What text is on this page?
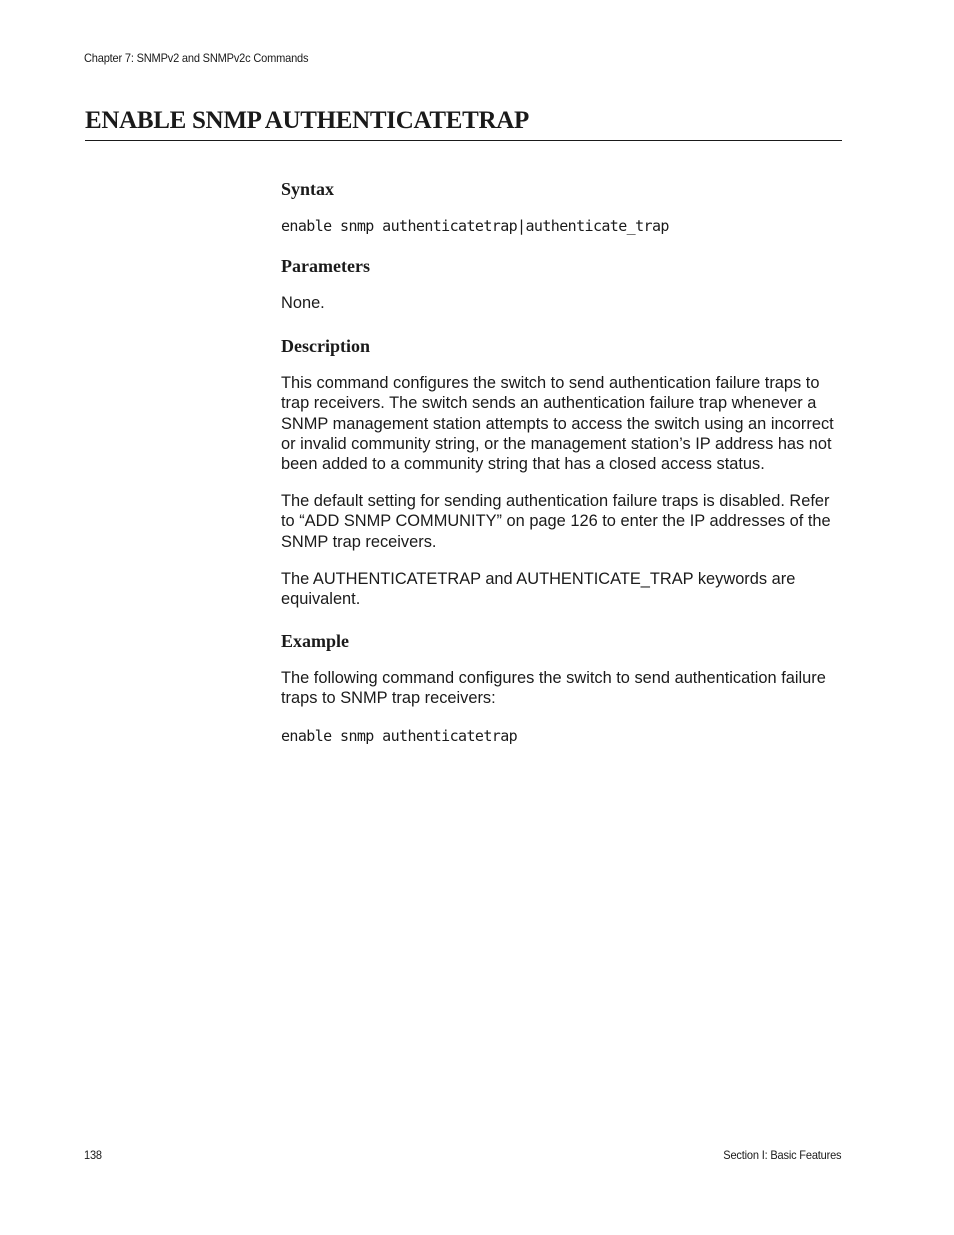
Chapter 7: SNMPv2 and SNMPv2c Commands
ENABLE SNMP AUTHENTICATETRAP
Syntax

enable snmp authenticatetrap|authenticate_trap

Parameters

None.

Description

This command configures the switch to send authentication failure traps to trap receivers. The switch sends an authentication failure trap whenever a SNMP management station attempts to access the switch using an incorrect or invalid community string, or the management station’s IP address has not been added to a community string that has a closed access status.

The default setting for sending authentication failure traps is disabled. Refer to “ADD SNMP COMMUNITY” on page 126 to enter the IP addresses of the SNMP trap receivers.

The AUTHENTICATETRAP and AUTHENTICATE_TRAP keywords are equivalent.

Example

The following command configures the switch to send authentication failure traps to SNMP trap receivers:

enable snmp authenticatetrap

138	Section I: Basic Features
